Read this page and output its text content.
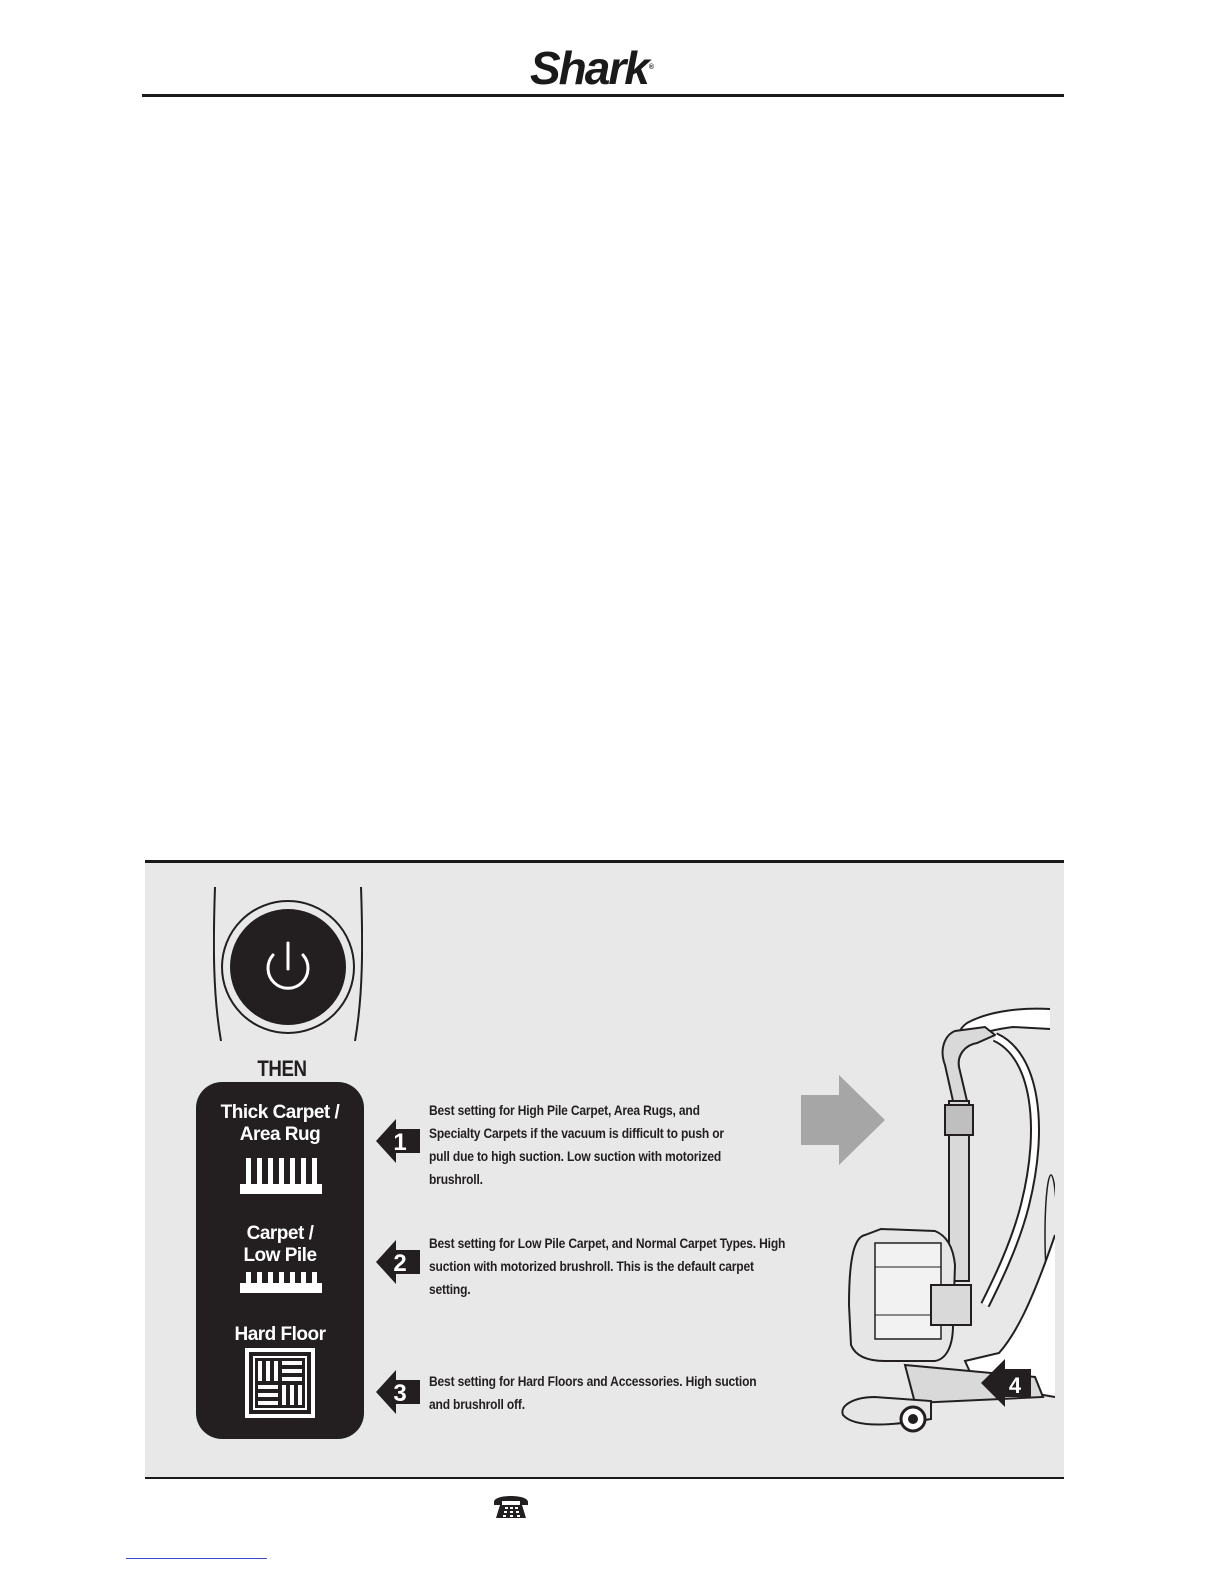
Shark®
THEN
Thick Carpet /
Area Rug
Carpet /
Low Pile
Hard Floor
1
2
3
Best setting for High Pile Carpet, Area Rugs, and Specialty Carpets if the vacuum is difficult to push or pull due to high suction. Low suction with motorized brushroll.
Best setting for Low Pile Carpet, and Normal Carpet Types. High suction with motorized brushroll. This is the default carpet setting.
Best setting for Hard Floors and Accessories. High suction and brushroll off.
4
